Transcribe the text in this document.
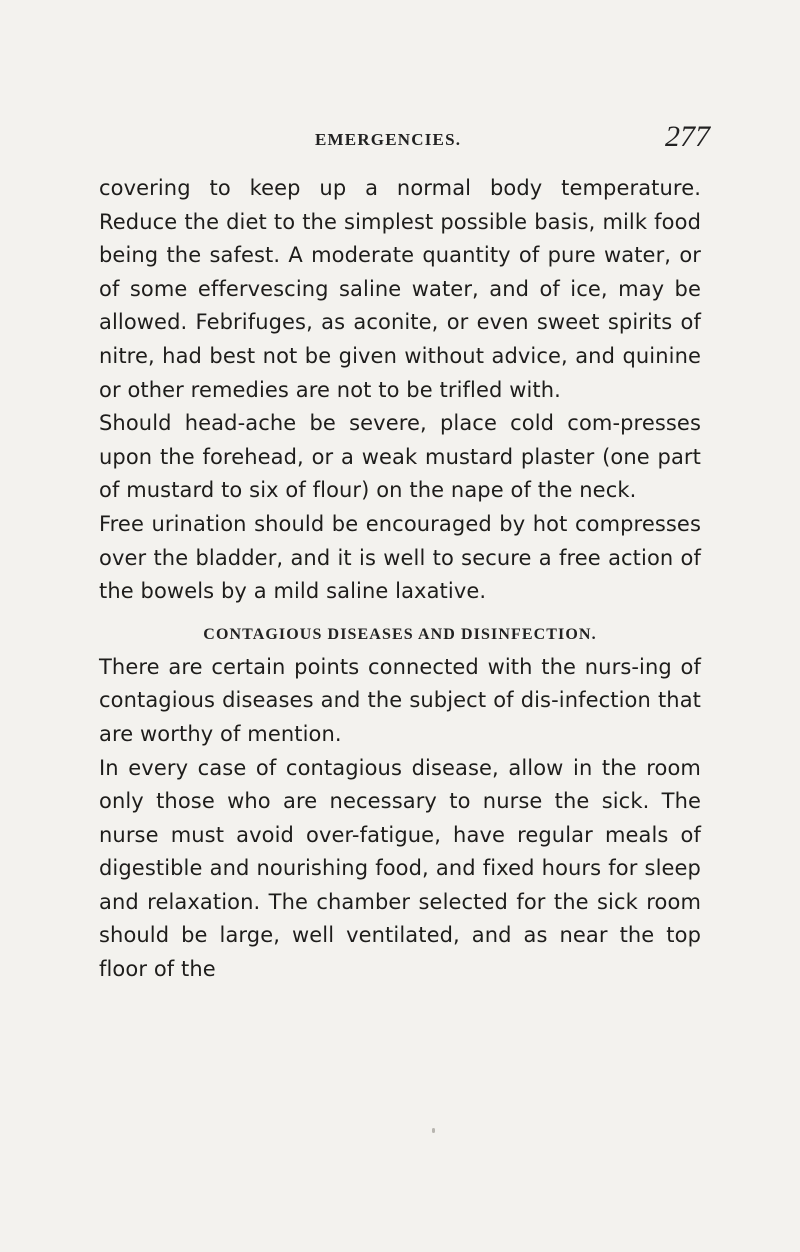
EMERGENCIES.	277

covering to keep up a normal body temperature. Reduce the diet to the simplest possible basis, milk food being the safest. A moderate quantity of pure water, or of some effervescing saline water, and of ice, may be allowed. Febrifuges, as aconite, or even sweet spirits of nitre, had best not be given without advice, and quinine or other remedies are not to be trifled with.

Should head-ache be severe, place cold com-presses upon the forehead, or a weak mustard plaster (one part of mustard to six of flour) on the nape of the neck.

Free urination should be encouraged by hot compresses over the bladder, and it is well to secure a free action of the bowels by a mild saline laxative.

CONTAGIOUS DISEASES AND DISINFECTION.

There are certain points connected with the nurs-ing of contagious diseases and the subject of dis-infection that are worthy of mention.

In every case of contagious disease, allow in the room only those who are necessary to nurse the sick. The nurse must avoid over-fatigue, have regular meals of digestible and nourishing food, and fixed hours for sleep and relaxation. The chamber selected for the sick room should be large, well ventilated, and as near the top floor of the
